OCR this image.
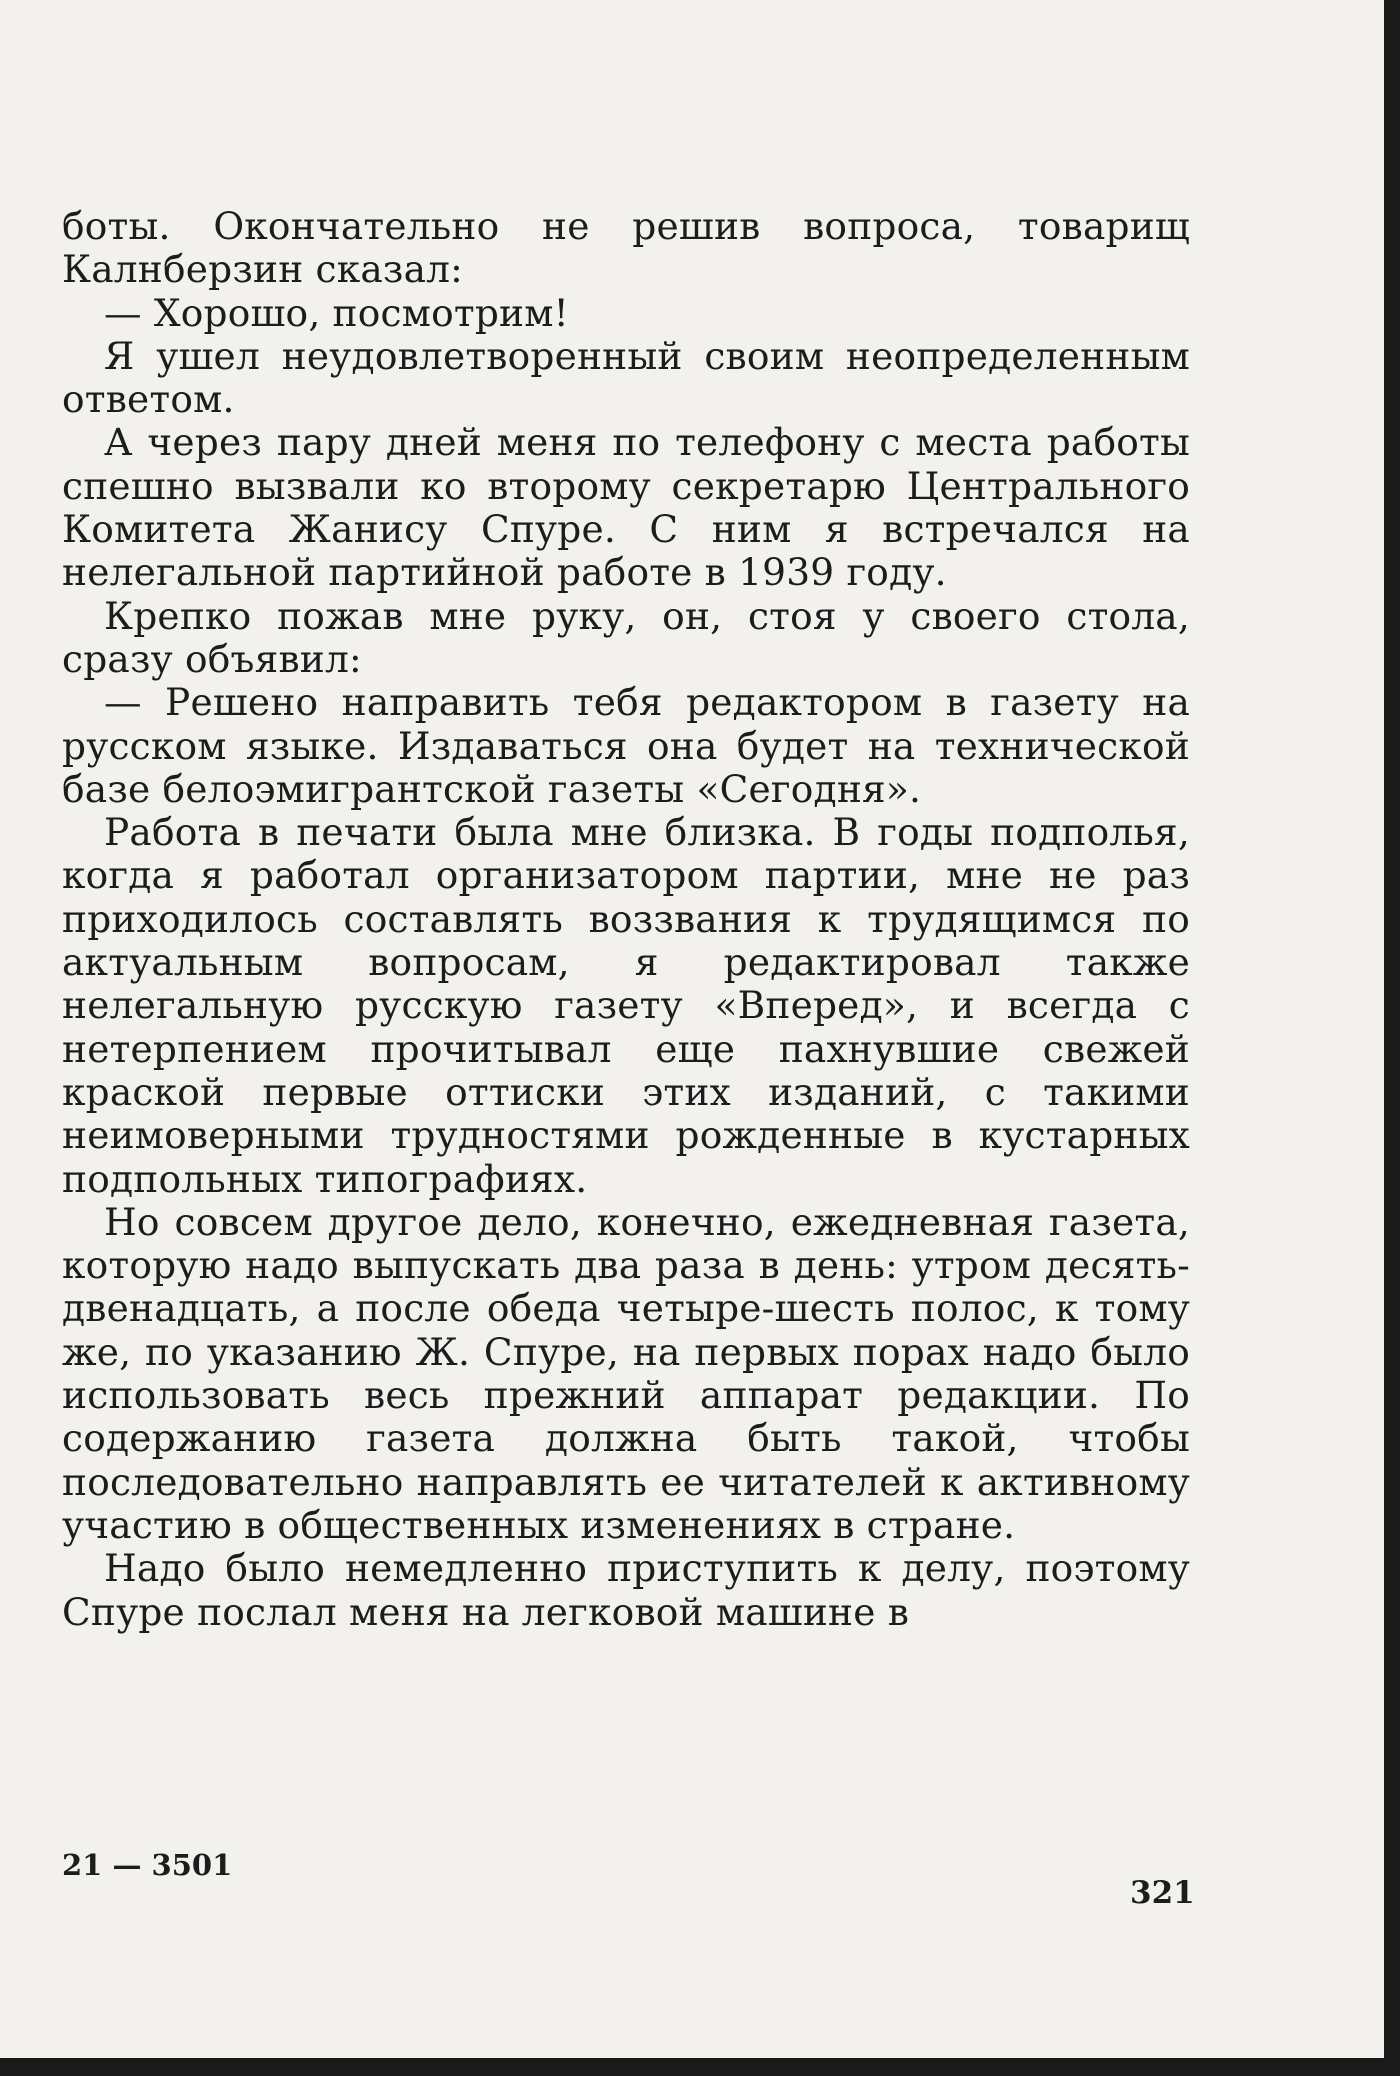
боты. Окончательно не решив вопроса, товарищ Калнберзин сказал:

— Хорошо, посмотрим!

Я ушел неудовлетворенный своим неопределенным ответом.

А через пару дней меня по телефону с места работы спешно вызвали ко второму секретарю Центрального Комитета Жанису Спуре. С ним я встречался на нелегальной партийной работе в 1939 году.

Крепко пожав мне руку, он, стоя у своего стола, сразу объявил:

— Решено направить тебя редактором в газету на русском языке. Издаваться она будет на технической базе белоэмигрантской газеты «Сегодня».

Работа в печати была мне близка. В годы подполья, когда я работал организатором партии, мне не раз приходилось составлять воззвания к трудящимся по актуальным вопросам, я редактировал также нелегальную русскую газету «Вперед», и всегда с нетерпением прочитывал еще пахнувшие свежей краской первые оттиски этих изданий, с такими неимоверными трудностями рожденные в кустарных подпольных типографиях.

Но совсем другое дело, конечно, ежедневная газета, которую надо выпускать два раза в день: утром десять-двенадцать, а после обеда четыре-шесть полос, к тому же, по указанию Ж. Спуре, на первых порах надо было использовать весь прежний аппарат редакции. По содержанию газета должна быть такой, чтобы последовательно направлять ее читателей к активному участию в общественных изменениях в стране.

Надо было немедленно приступить к делу, поэтому Спуре послал меня на легковой машине в

21 — 3501
321
